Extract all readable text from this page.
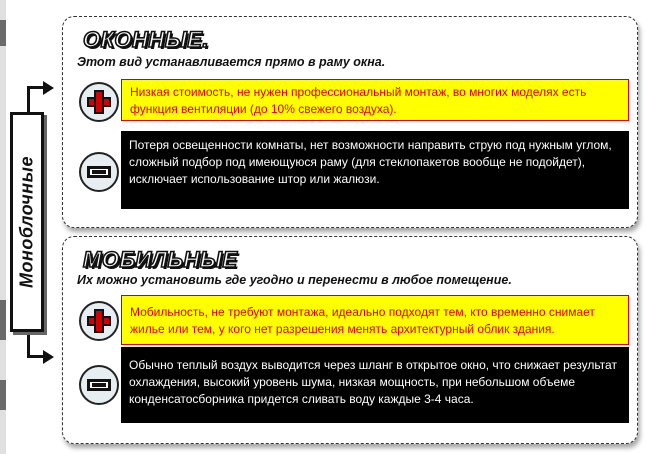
Моноблочные
ОКОННЫЕ.
Этот вид устанавливается прямо в раму окна.
Низкая стоимость, не нужен профессиональный монтаж, во многих моделях есть функция вентиляции (до 10% свежего воздуха).
Потеря освещенности комнаты, нет возможности направить струю под нужным углом, сложный подбор под имеющуюся раму (для стеклопакетов вообще не подойдет), исключает использование штор или жалюзи.
МОБИЛЬНЫЕ
Их можно установить где угодно и перенести в любое помещение.
Мобильность, не требуют монтажа, идеально подходят тем, кто временно снимает жилье или тем, у кого нет разрешения менять архитектурный облик здания.
Обычно теплый воздух выводится через шланг в открытое окно, что снижает результат охлаждения, высокий уровень шума, низкая мощность, при небольшом объеме конденсатосборника придется сливать воду каждые 3-4 часа.
